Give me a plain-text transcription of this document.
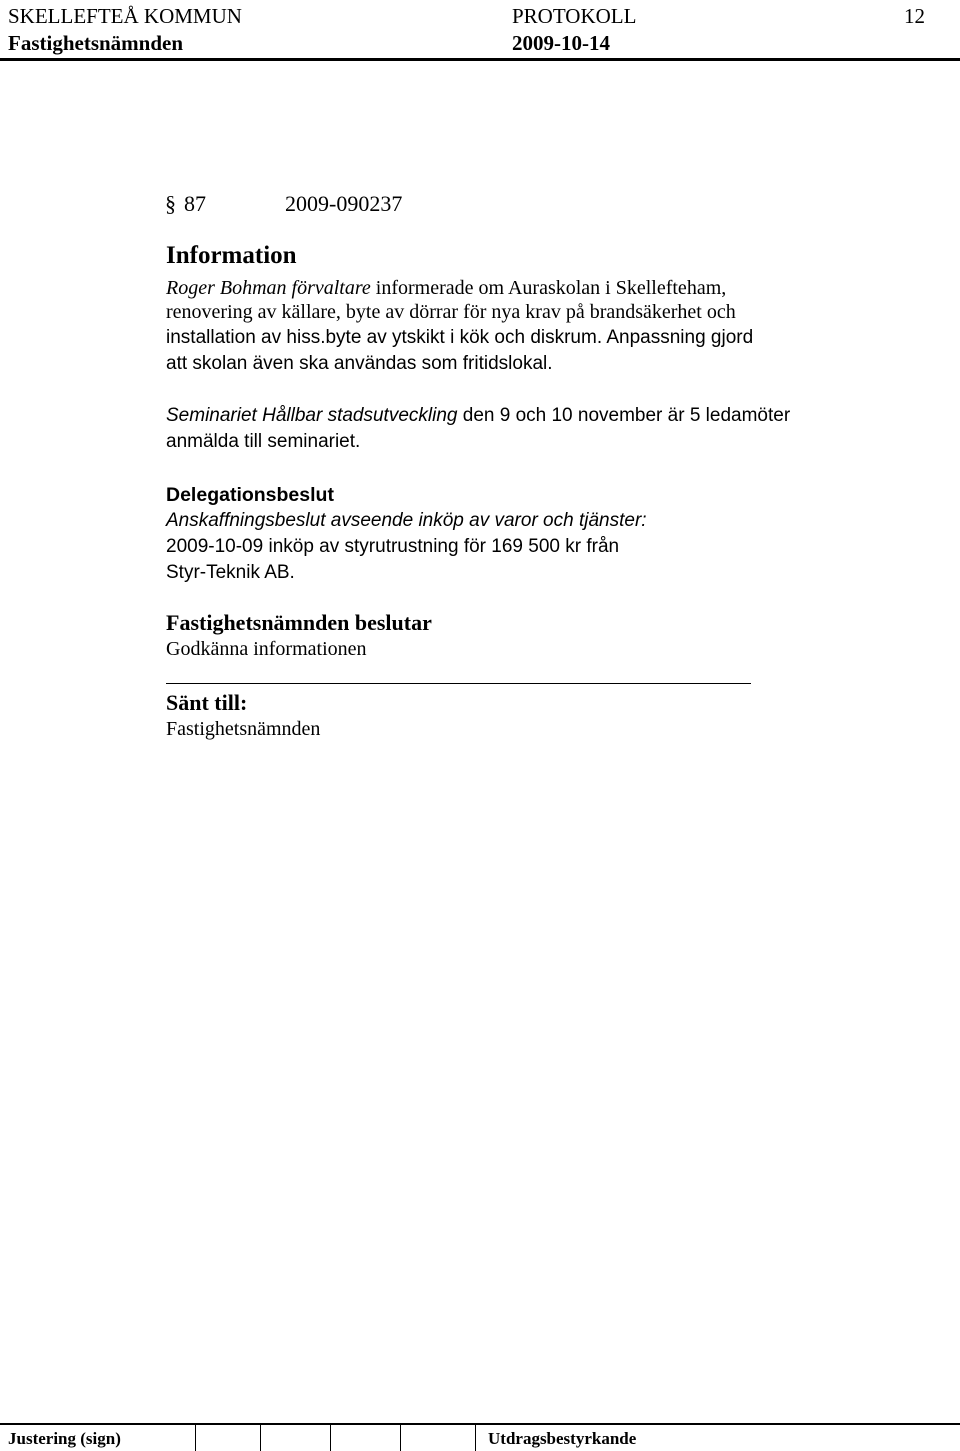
SKELLEFTEÅ KOMMUN	PROTOKOLL	12
Fastighetsnämnden	2009-10-14
§ 87	2009-090237
Information
Roger Bohman förvaltare informerade om Auraskolan i Skellefteham,
renovering av källare, byte av dörrar för nya krav på brandsäkerhet och
installation av hiss.byte av ytskikt i kök och diskrum. Anpassning gjord
att skolan även ska användas som fritidslokal.
Seminariet Hållbar stadsutveckling den 9 och 10 november är 5 ledamöter
anmälda till seminariet.
Delegationsbeslut
Anskaffningsbeslut avseende inköp av varor och tjänster:
2009-10-09 inköp av styrutrustning för 169 500 kr från
Styr-Teknik AB.
Fastighetsnämnden beslutar
Godkänna informationen
Sänt till:
Fastighetsnämnden
Justering (sign)	Utdragsbestyrkande
